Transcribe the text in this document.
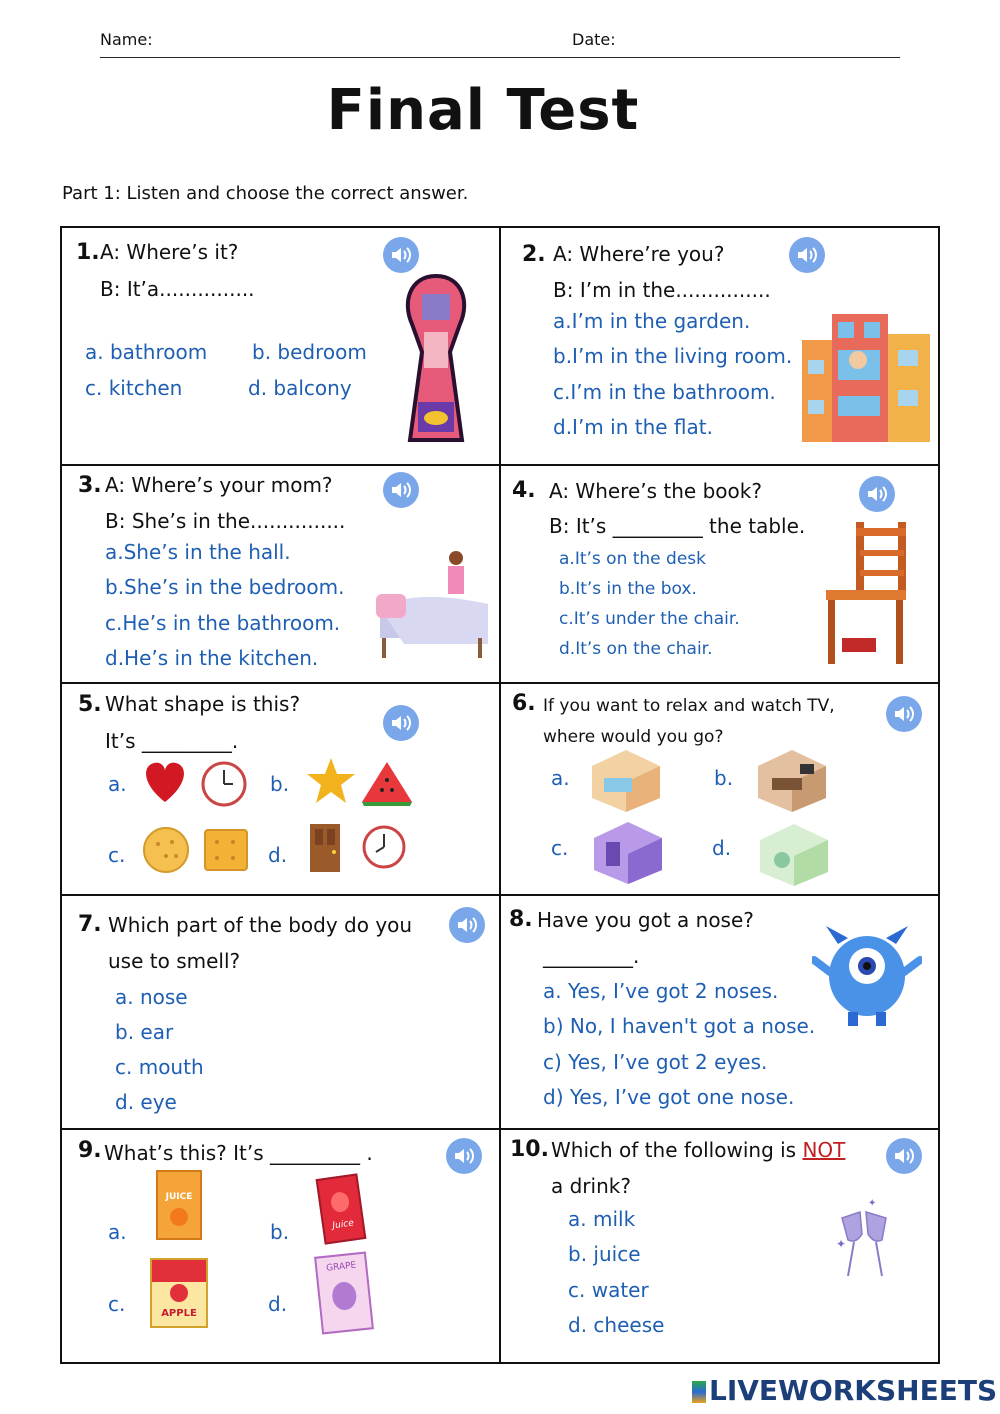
Name:	Date:
Final Test
Part 1: Listen and choose the correct answer.
1. A: Where’s it?
B: It’a...............
a. bathroom b. bedroom
c. kitchen	d. balcony
2. A: Where’re you?
B: I’m in the...............
a.I’m in the garden.
b.I’m in the living room.
c.I’m in the bathroom.
d.I’m in the flat.
3. A: Where’s your mom?
B: She’s in the...............
a.She’s in the hall.
b.She’s in the bedroom.
c.He’s in the bathroom.
d.He’s in the kitchen.
4. A: Where’s the book?
B: It’s _________ the table.
a.It’s on the desk
b.It’s in the box.
c.It’s under the chair.
d.It’s on the chair.
5. What shape is this?
It’s _________.
a.	b.
c.	d.
6. If you want to relax and watch TV,
where would you go?
a.	b.
c.	d.
7. Which part of the body do you
use to smell?
a. nose
b. ear
c. mouth
d. eye
8. Have you got a nose?
_________.
a. Yes, I’ve got 2 noses.
b) No, I haven't got a nose.
c) Yes, I’ve got 2 eyes.
d) Yes, I’ve got one nose.
9. What’s this? It’s _________ .
a.	b.
c.	d.
JUICE
Juice
APPLE
GRAPE
10. Which of the following is NOT
a drink?
a. milk
b. juice
c. water
d. cheese
✦
✦
LIVEWORKSHEETS
